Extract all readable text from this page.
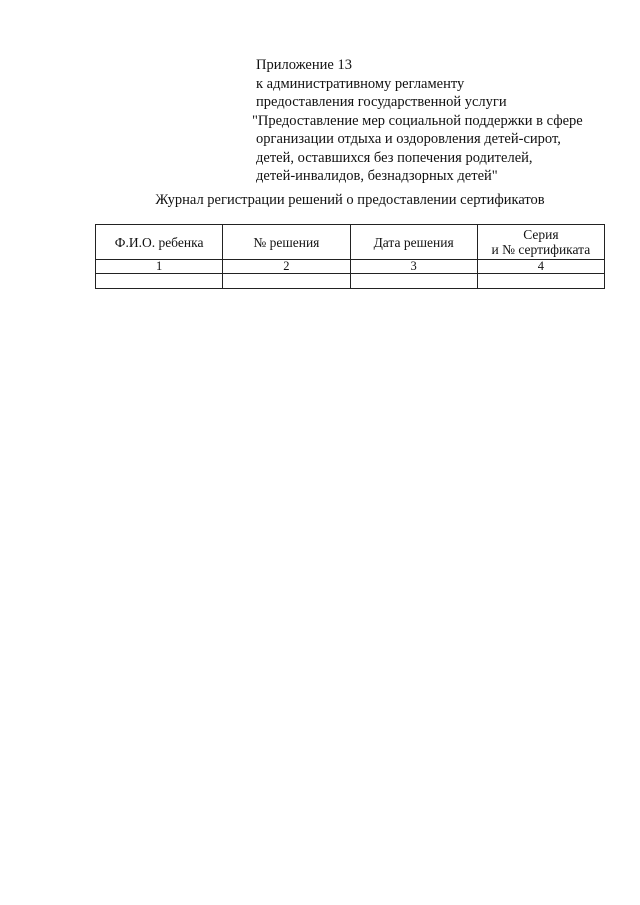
Приложение 13
к административному регламенту
предоставления государственной услуги
"Предоставление мер социальной поддержки в сфере
организации отдыха и оздоровления детей-сирот,
детей, оставшихся без попечения родителей,
детей-инвалидов, безнадзорных детей"
Журнал регистрации решений о предоставлении сертификатов
Ф.И.О. ребенка	№ решения	Дата решения	Серия
и № сертификата

1	2	3	4
